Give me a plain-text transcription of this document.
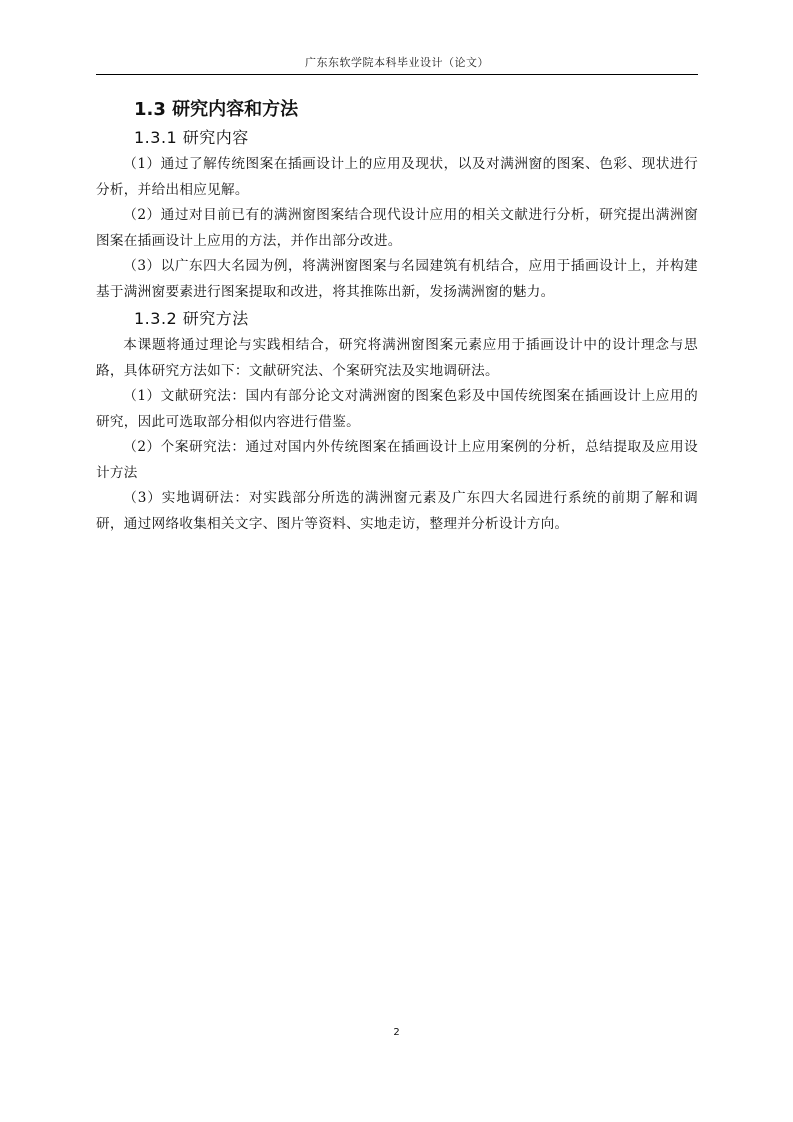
广东东软学院本科毕业设计（论文）
1.3 研究内容和方法
1.3.1 研究内容

（1）通过了解传统图案在插画设计上的应用及现状，以及对满洲窗的图案、色彩、现状进行分析，并给出相应见解。

（2）通过对目前已有的满洲窗图案结合现代设计应用的相关文献进行分析，研究提出满洲窗图案在插画设计上应用的方法，并作出部分改进。

（3）以广东四大名园为例，将满洲窗图案与名园建筑有机结合，应用于插画设计上，并构建基于满洲窗要素进行图案提取和改进，将其推陈出新，发扬满洲窗的魅力。

1.3.2 研究方法

本课题将通过理论与实践相结合，研究将满洲窗图案元素应用于插画设计中的设计理念与思路，具体研究方法如下：文献研究法、个案研究法及实地调研法。

（1）文献研究法：国内有部分论文对满洲窗的图案色彩及中国传统图案在插画设计上应用的研究，因此可选取部分相似内容进行借鉴。

（2）个案研究法：通过对国内外传统图案在插画设计上应用案例的分析，总结提取及应用设计方法

（3）实地调研法：对实践部分所选的满洲窗元素及广东四大名园进行系统的前期了解和调研，通过网络收集相关文字、图片等资料、实地走访，整理并分析设计方向。

2
